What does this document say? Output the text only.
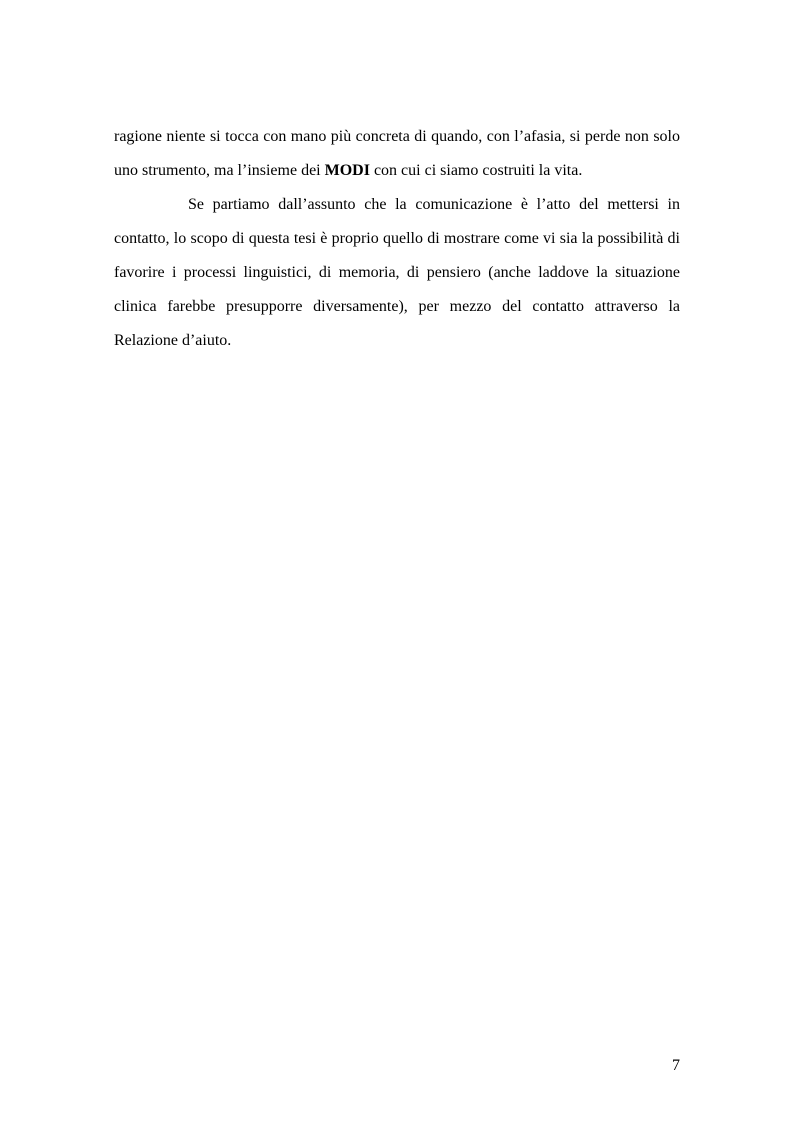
ragione niente si tocca con mano più concreta di quando, con l’afasia, si perde non solo uno strumento, ma l’insieme dei MODI con cui ci siamo costruiti la vita.

Se partiamo dall’assunto che la comunicazione è l’atto del mettersi in contatto, lo scopo di questa tesi è proprio quello di mostrare come vi sia la possibilità di favorire i processi linguistici, di memoria, di pensiero (anche laddove la situazione clinica farebbe presupporre diversamente), per mezzo del contatto attraverso la Relazione d’aiuto.

7
